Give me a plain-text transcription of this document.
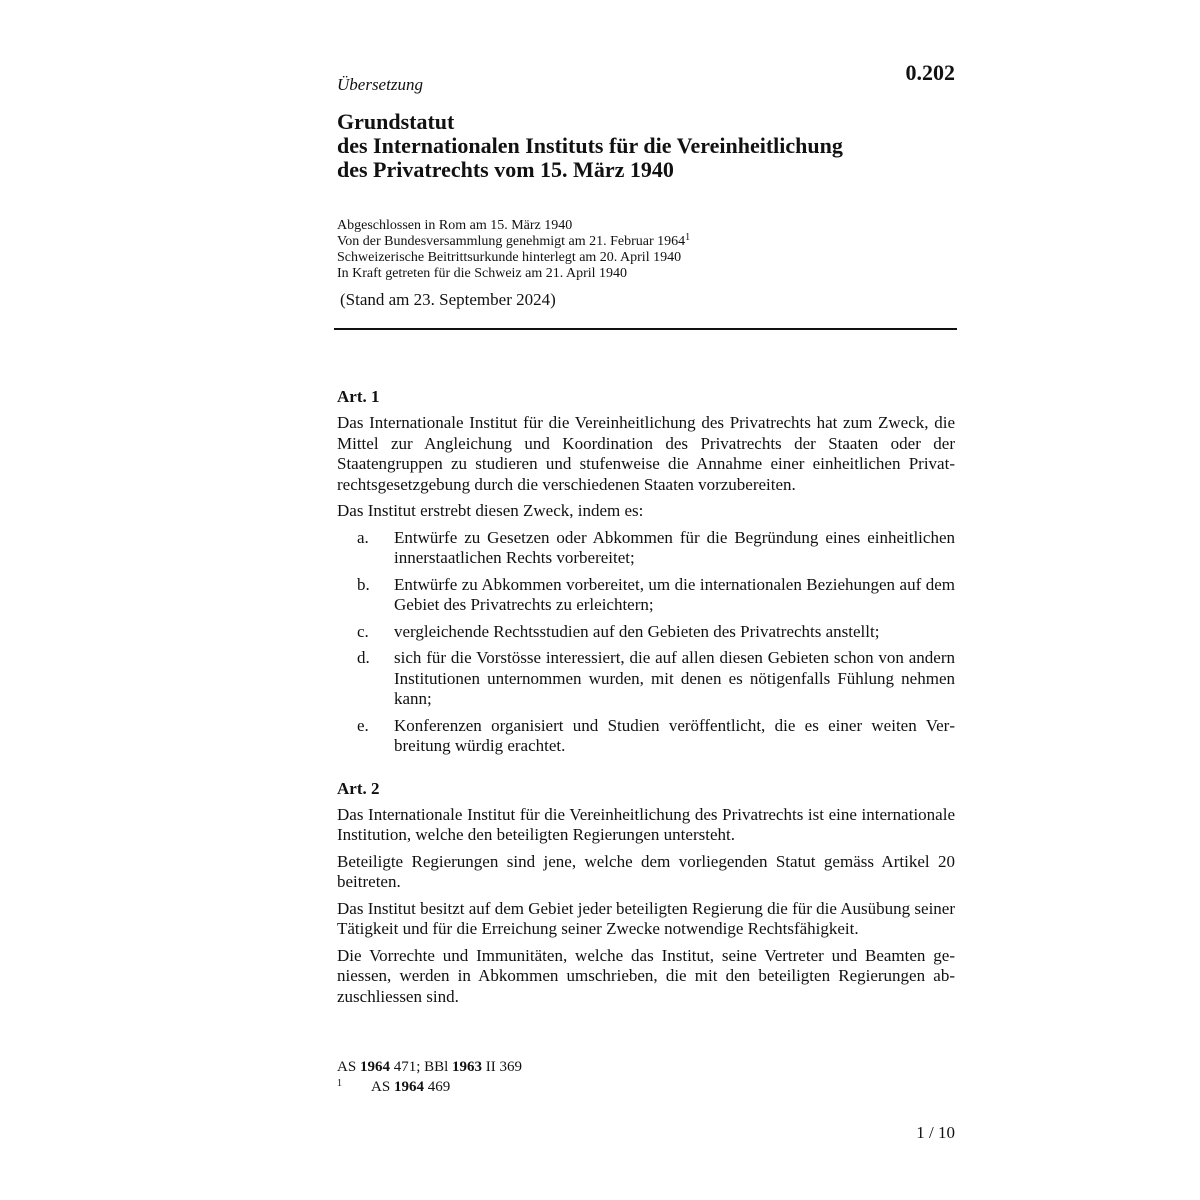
0.202
Übersetzung
Grundstatut
des Internationalen Instituts für die Vereinheitlichung
des Privatrechts vom 15. März 1940
Abgeschlossen in Rom am 15. März 1940
Von der Bundesversammlung genehmigt am 21. Februar 1964$^1$
Schweizerische Beitrittsurkunde hinterlegt am 20. April 1940
In Kraft getreten für die Schweiz am 21. April 1940
(Stand am 23. September 2024)
Art. 1

Das Internationale Institut für die Vereinheitlichung des Privatrechts hat zum Zweck, die Mittel zur Angleichung und Koordination des Privatrechts der Staaten oder der Staatengruppen zu studieren und stufenweise die Annahme einer einheitlichen Privatrechtsgesetzgebung durch die verschiedenen Staaten vorzubereiten.

Das Institut erstrebt diesen Zweck, indem es:

a. Entwürfe zu Gesetzen oder Abkommen für die Begründung eines einheitlichen innerstaatlichen Rechts vorbereitet;
b. Entwürfe zu Abkommen vorbereitet, um die internationalen Beziehungen auf dem Gebiet des Privatrechts zu erleichtern;
c. vergleichende Rechtsstudien auf den Gebieten des Privatrechts anstellt;
d. sich für die Vorstösse interessiert, die auf allen diesen Gebieten schon von andern Institutionen unternommen wurden, mit denen es nötigenfalls Fühlung nehmen kann;
e. Konferenzen organisiert und Studien veröffentlicht, die es einer weiten Verbreitung würdig erachtet.
Art. 2

Das Internationale Institut für die Vereinheitlichung des Privatrechts ist eine internationale Institution, welche den beteiligten Regierungen untersteht.

Beteiligte Regierungen sind jene, welche dem vorliegenden Statut gemäss Artikel 20 beitreten.

Das Institut besitzt auf dem Gebiet jeder beteiligten Regierung die für die Ausübung seiner Tätigkeit und für die Erreichung seiner Zwecke notwendige Rechtsfähigkeit.

Die Vorrechte und Immunitäten, welche das Institut, seine Vertreter und Beamten geniessen, werden in Abkommen umschrieben, die mit den beteiligten Regierungen abzuschliessen sind.

AS 1964 471; BBl 1963 II 369
1 AS 1964 469
1 / 10
